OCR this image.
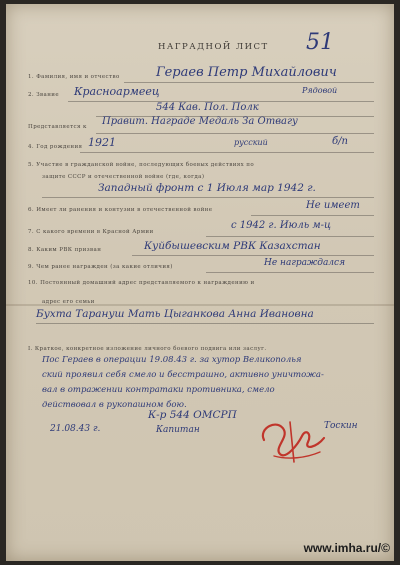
НАГРАДНОЙ ЛИСТ 51
1. Фамилия, имя и отчество	Гераев Петр Михайлович
2. Звание Красноармеец	Рядовой
544 Кав. Пол. Полк
Представляется к Правит. Награде Медаль За Отвагу
4. Год рождения 1921	русский	б/п
5. Участие в гражданской войне, последующих боевых действиях по
защите СССР и отечественной войне (где, когда)
Западный фронт с 1 Июля мар 1942 г.
6. Имеет ли ранения и контузии в отечественной войне	Не имеет
7. С какого времени в Красной Армии
с 1942 г. Июль м-ц
8. Каким РВК призван	Куйбышевским РВК Казахстан
9. Чем ранее награжден (за какие отличия)	Не награждался
10. Постоянный домашний адрес представляемого к награждению и
адрес его семьи
Бухта Тарануш Мать Цыганкова Анна Ивановна
I. Краткое, конкретное изложение личного боевого подвига или заслуг.
Пос Гераев в операции 19.08.43 г. за хутор Великополья
ский проявил себя смело и бесстрашно, активно уничтожа-
вал в отражении контратаки противника, смело
действовал в рукопашном бою.
К-р 544 ОМСРП
Капитан	Тоскин
21.08.43 г.
www.imha.ru/©
